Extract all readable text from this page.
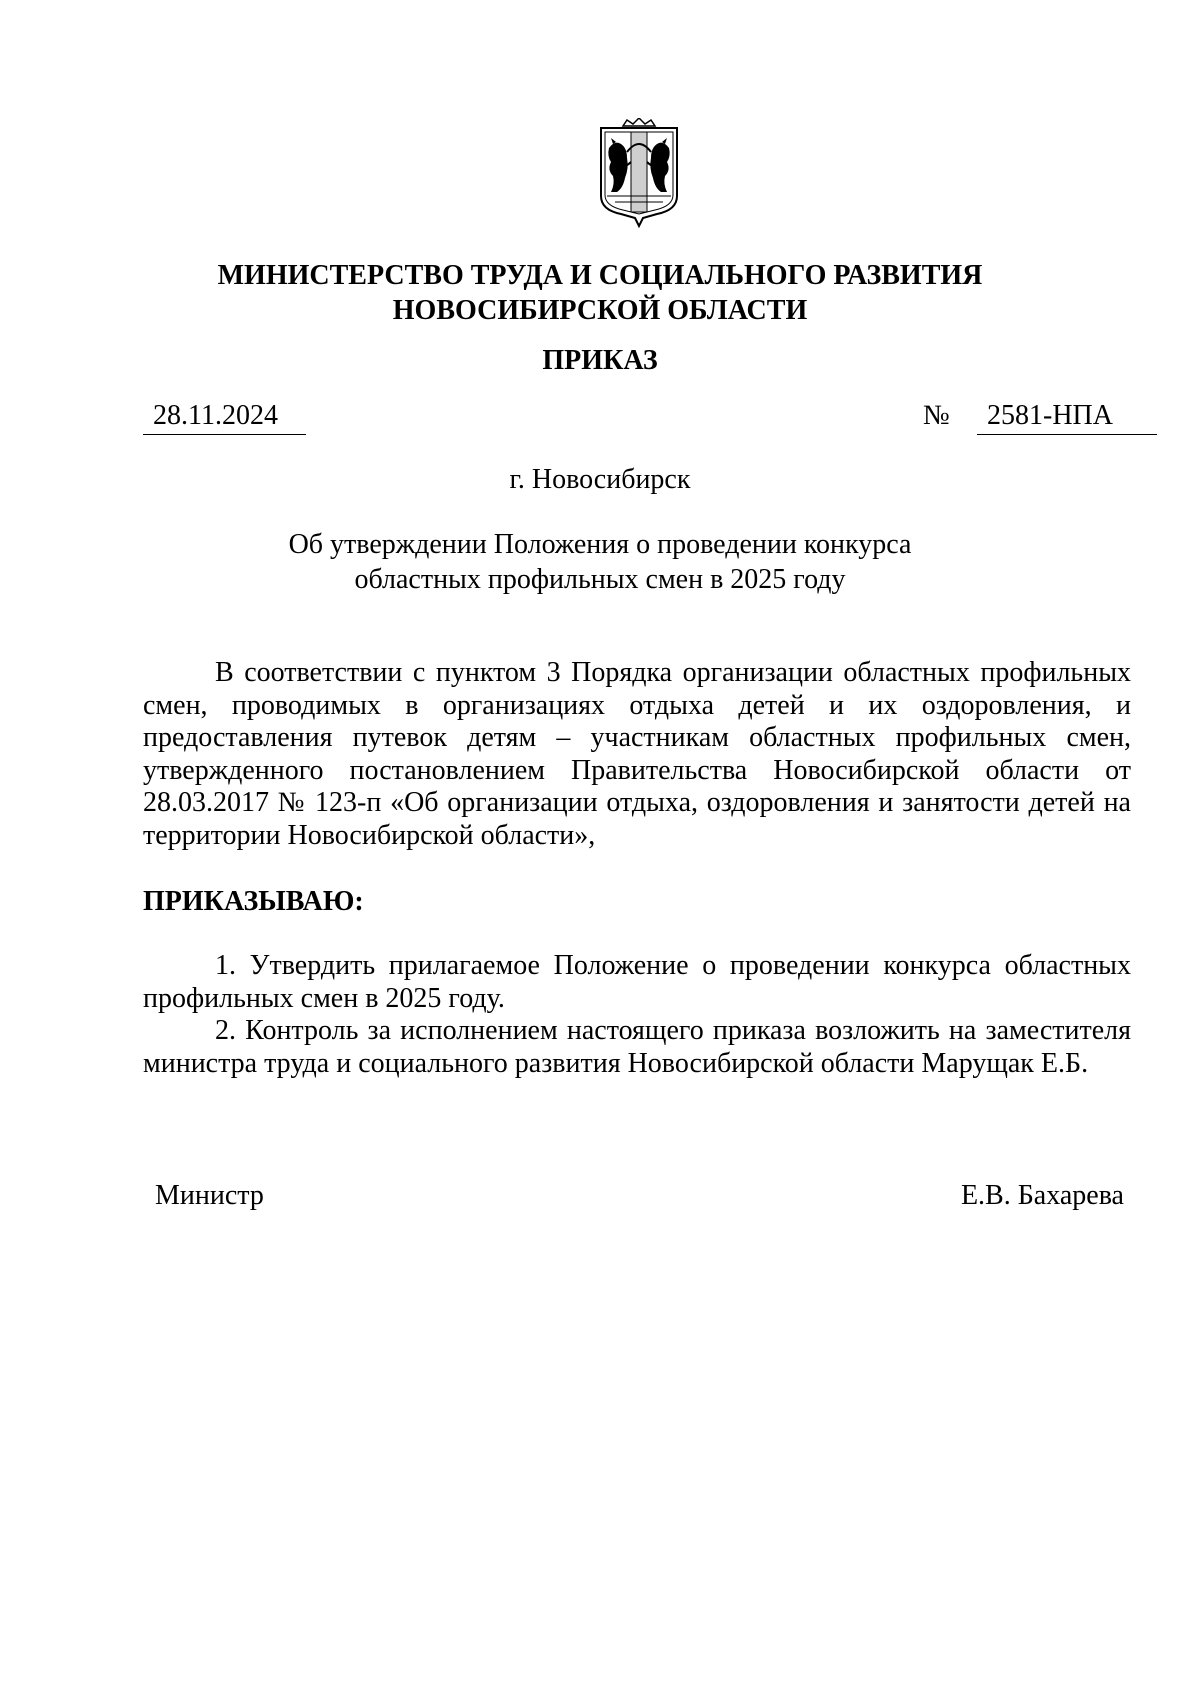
МИНИСТЕРСТВО ТРУДА И СОЦИАЛЬНОГО РАЗВИТИЯ
НОВОСИБИРСКОЙ ОБЛАСТИ
ПРИКАЗ
28.11.2024	№ 2581-НПА
г. Новосибирск
Об утверждении Положения о проведении конкурса
областных профильных смен в 2025 году
В соответствии с пунктом 3 Порядка организации областных профильных смен, проводимых в организациях отдыха детей и их оздоровления, и предоставления путевок детям – участникам областных профильных смен, утвержденного постановлением Правительства Новосибирской области от 28.03.2017 № 123-п «Об организации отдыха, оздоровления и занятости детей на территории Новосибирской области»,
ПРИКАЗЫВАЮ:

1. Утвердить прилагаемое Положение о проведении конкурса областных профильных смен в 2025 году.

2. Контроль за исполнением настоящего приказа возложить на заместителя министра труда и социального развития Новосибирской области Марущак Е.Б.

Министр	Е.В. Бахарева
